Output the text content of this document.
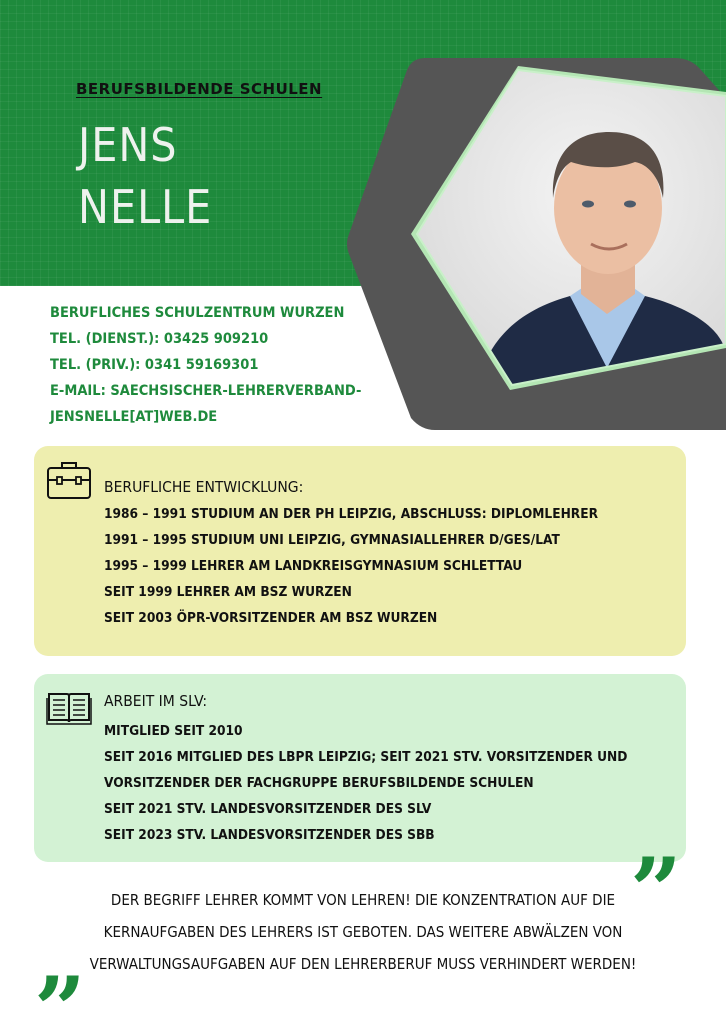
BERUFSBILDENDE SCHULEN
JENS
NELLE
BERUFLICHES SCHULZENTRUM WURZEN
TEL. (DIENST.): 03425 909210
TEL. (PRIV.): 0341 59169301
E-MAIL: SAECHSISCHER-LEHRERVERBAND-
JENSNELLE[AT]WEB.DE
BERUFLICHE ENTWICKLUNG:
1986 – 1991 STUDIUM AN DER PH LEIPZIG, ABSCHLUSS: DIPLOMLEHRER
1991 – 1995 STUDIUM UNI LEIPZIG, GYMNASIALLEHRER D/GES/LAT
1995 – 1999 LEHRER AM LANDKREISGYMNASIUM SCHLETTAU
SEIT 1999 LEHRER AM BSZ WURZEN
SEIT 2003 ÖPR-VORSITZENDER AM BSZ WURZEN
ARBEIT IM SLV:
MITGLIED SEIT 2010
SEIT 2016 MITGLIED DES LBPR LEIPZIG; SEIT 2021 STV. VORSITZENDER UND
VORSITZENDER DER FACHGRUPPE BERUFSBILDENDE SCHULEN
SEIT 2021 STV. LANDESVORSITZENDER DES SLV
SEIT 2023 STV. LANDESVORSITZENDER DES SBB
”
DER BEGRIFF LEHRER KOMMT VON LEHREN! DIE KONZENTRATION AUF DIE
KERNAUFGABEN DES LEHRERS IST GEBOTEN. DAS WEITERE ABWÄLZEN VON
VERWALTUNGSAUFGABEN AUF DEN LEHRERBERUF MUSS VERHINDERT WERDEN!
”
